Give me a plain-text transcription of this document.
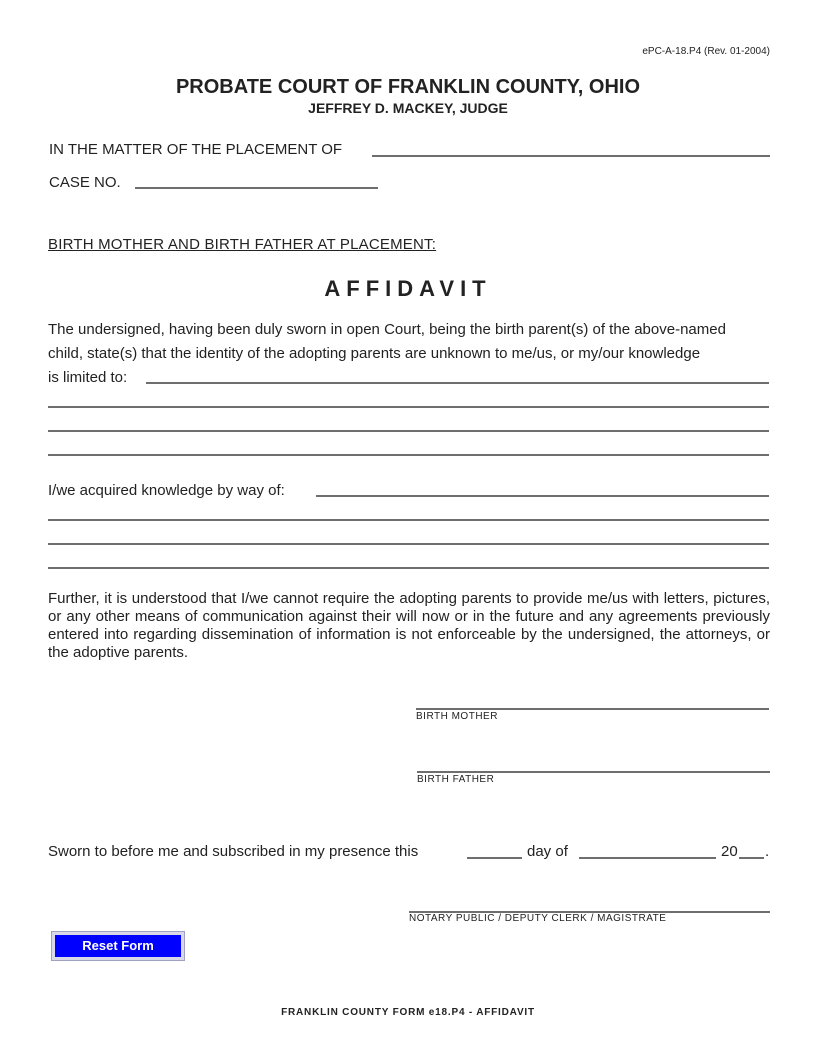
ePC-A-18.P4 (Rev. 01-2004)
PROBATE COURT OF FRANKLIN COUNTY, OHIO
JEFFREY D. MACKEY, JUDGE
IN THE MATTER OF THE PLACEMENT OF
CASE NO.
BIRTH MOTHER AND BIRTH FATHER AT PLACEMENT:
AFFIDAVIT
The undersigned, having been duly sworn in open Court, being the birth parent(s) of the above-named
child, state(s) that the identity of the adopting parents are unknown to me/us, or my/our knowledge
is limited to:
I/we acquired knowledge by way of:
Further, it is understood that I/we cannot require the adopting parents to provide me/us with letters, pictures, or any other means of communication against their will now or in the future and any agreements previously entered into regarding dissemination of information is not enforceable by the undersigned, the attorneys, or the adoptive parents.
BIRTH MOTHER
BIRTH FATHER
Sworn to before me and subscribed in my presence this	day of	20 .
NOTARY PUBLIC / DEPUTY CLERK / MAGISTRATE
Reset Form
FRANKLIN COUNTY FORM e18.P4 - AFFIDAVIT
